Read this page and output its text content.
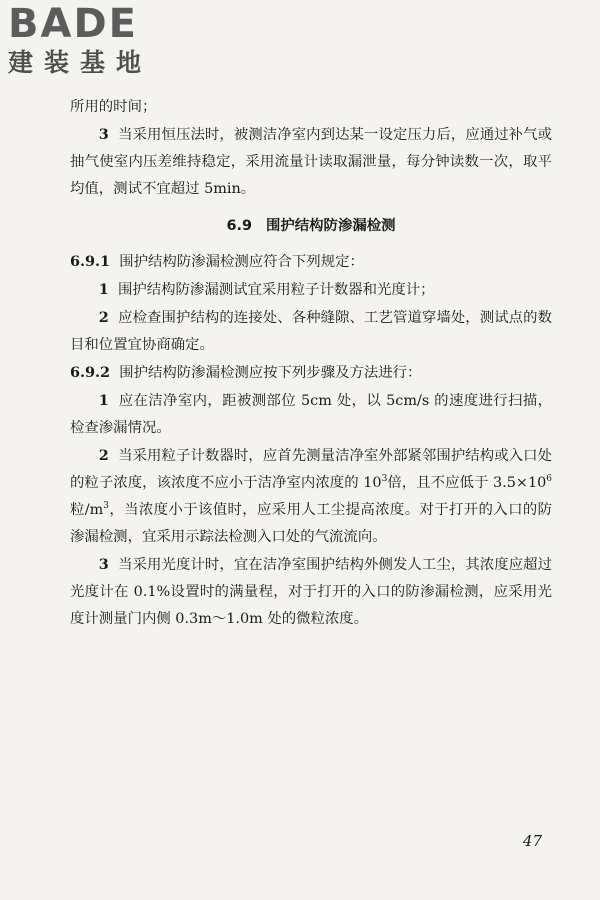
BADE
建装基地

所用的时间；

3 当采用恒压法时，被测洁净室内到达某一设定压力后，应通过补气或抽气使室内压差维持稳定，采用流量计读取漏泄量，每分钟读数一次，取平均值，测试不宜超过 5min。

6.9 围护结构防渗漏检测

6.9.1 围护结构防渗漏检测应符合下列规定：

1 围护结构防渗漏测试宜采用粒子计数器和光度计；

2 应检查围护结构的连接处、各种缝隙、工艺管道穿墙处，测试点的数目和位置宜协商确定。

6.9.2 围护结构防渗漏检测应按下列步骤及方法进行：

1 应在洁净室内，距被测部位 5cm 处，以 5cm/s 的速度进行扫描，检查渗漏情况。

2 当采用粒子计数器时，应首先测量洁净室外部紧邻围护结构或入口处的粒子浓度，该浓度不应小于洁净室内浓度的 $10^3$倍，且不应低于 $3.5\times 10^6$粒$/m^3$，当浓度小于该值时，应采用人工尘提高浓度。对于打开的入口的防渗漏检测，宜采用示踪法检测入口处的气流流向。

3 当采用光度计时，宜在洁净室围护结构外侧发人工尘，其浓度应超过光度计在 0.1%设置时的满量程，对于打开的入口的防渗漏检测，应采用光度计测量门内侧 0.3m～1.0m 处的微粒浓度。

47
